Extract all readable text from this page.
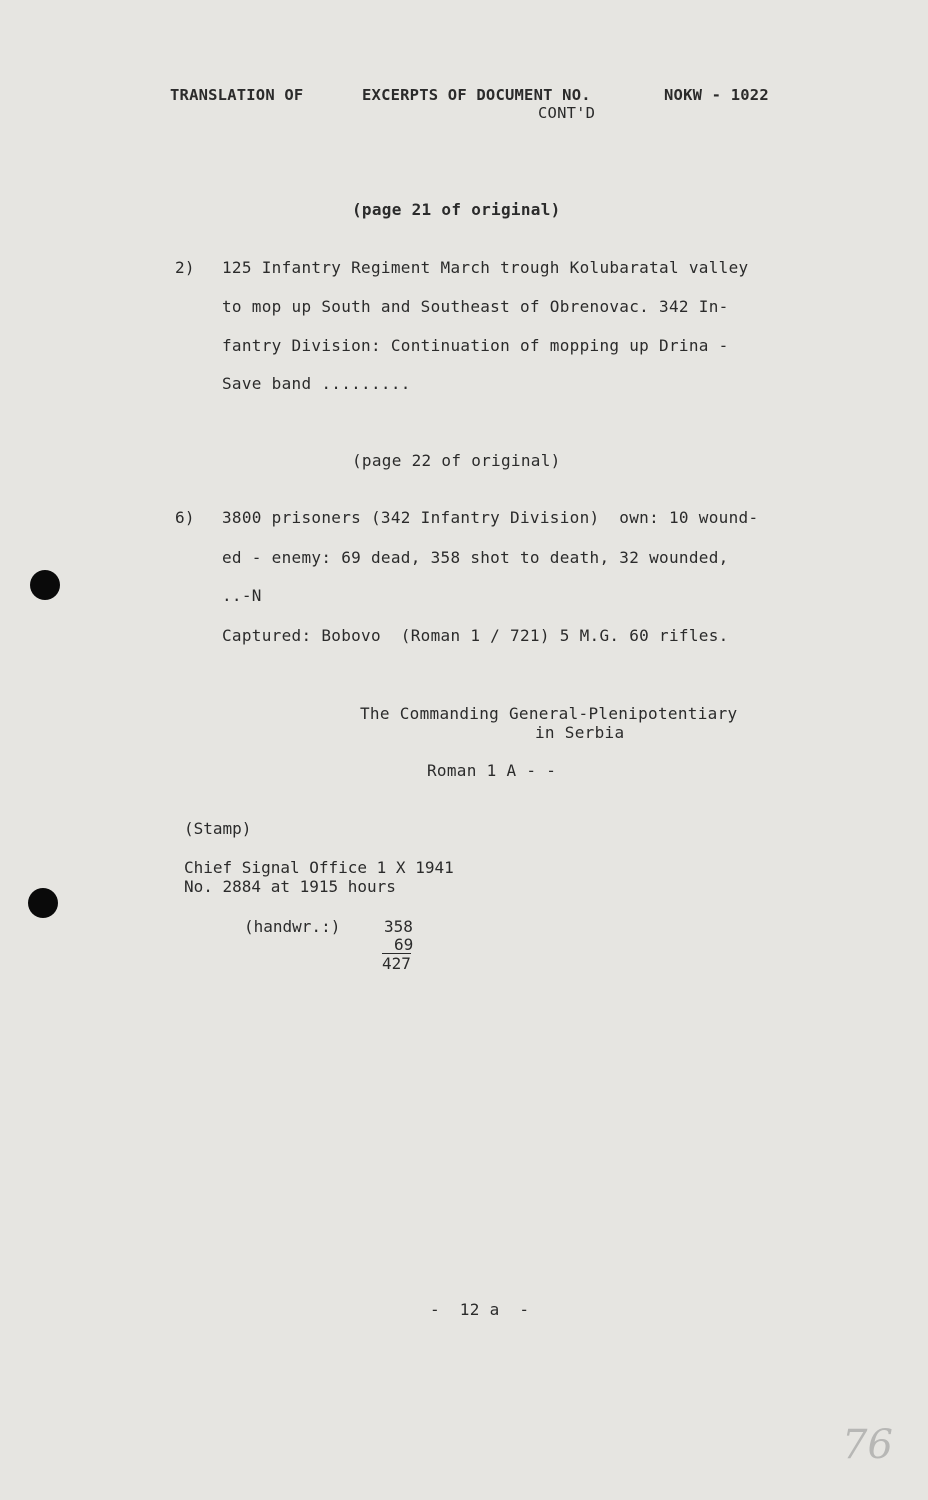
TRANSLATION OF	EXCERPTS OF DOCUMENT NO.	NOKW - 1022
CONT'D
(page 21 of original)
2) 125 Infantry Regiment March trough Kolubaratal valley
to mop up South and Southeast of Obrenovac. 342 In-
fantry Division: Continuation of mopping up Drina -
Save band .........
(page 22 of original)
6) 3800 prisoners (342 Infantry Division)  own: 10 wound-
ed - enemy: 69 dead, 358 shot to death, 32 wounded,
..-N
Captured: Bobovo  (Roman 1 / 721) 5 M.G. 60 rifles.
The Commanding General-Plenipotentiary
in Serbia
Roman 1 A - -
(Stamp)
Chief Signal Office 1 X 1941
No. 2884 at 1915 hours
(handwr.:)	358
69
427
-  12 a  -
76
